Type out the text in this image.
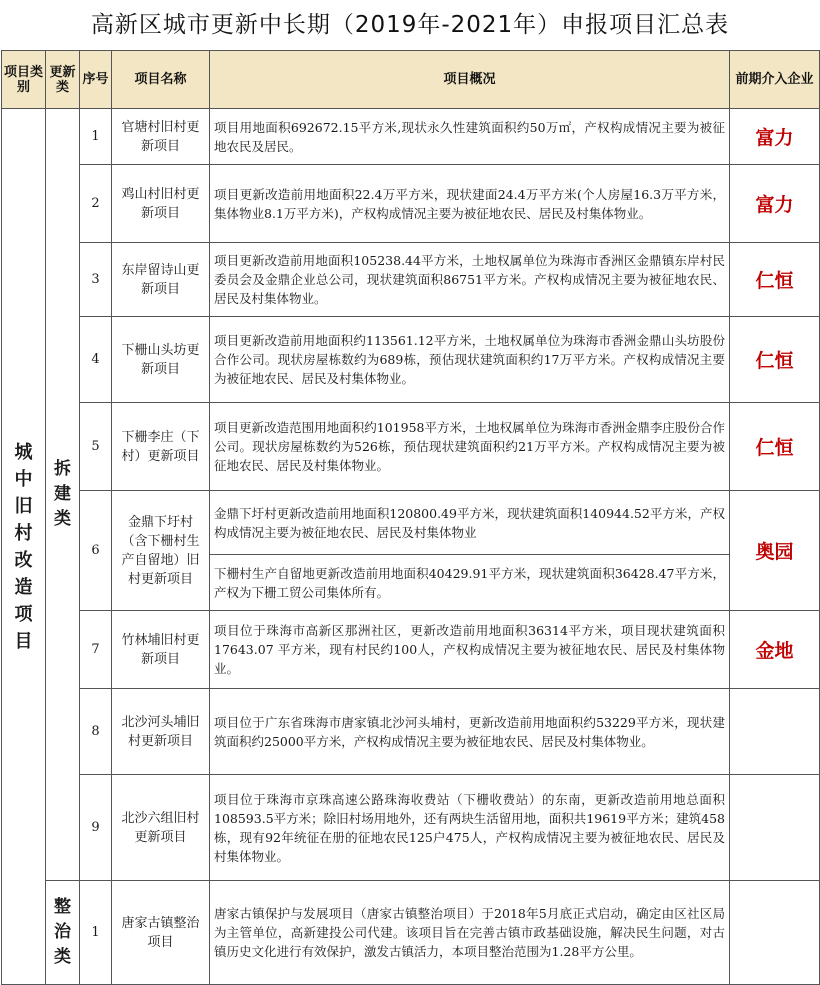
高新区城市更新中长期（2019年-2021年）申报项目汇总表
项目类别	更新类	序号	项目名称	项目概况	前期介入企业
城中旧村改造项目	拆建类	1	官塘村旧村更新项目	项目用地面积692672.15平方米,现状永久性建筑面积约50万㎡，产权构成情况主要为被征地农民及居民。	富力
		2	鸡山村旧村更新项目	项目更新改造前用地面积22.4万平方米，现状建面24.4万平方米(个人房屋16.3万平方米，集体物业8.1万平方米)，产权构成情况主要为被征地农民、居民及村集体物业。	富力
		3	东岸留诗山更新项目	项目更新改造前用地面积105238.44平方米，土地权属单位为珠海市香洲区金鼎镇东岸村民委员会及金鼎企业总公司，现状建筑面积86751平方米。产权构成情况主要为被征地农民、居民及村集体物业。	仁恒
		4	下栅山头坊更新项目	项目更新改造前用地面积约113561.12平方米，土地权属单位为珠海市香洲金鼎山头坊股份合作公司。现状房屋栋数约为689栋，预估现状建筑面积约17万平方米。产权构成情况主要为被征地农民、居民及村集体物业。	仁恒
		5	下栅李庄（下村）更新项目	项目更新改造范围用地面积约101958平方米，土地权属单位为珠海市香洲金鼎李庄股份合作公司。现状房屋栋数约为526栋，预估现状建筑面积约21万平方米。产权构成情况主要为被征地农民、居民及村集体物业。	仁恒
		6	金鼎下圩村（含下栅村生产自留地）旧村更新项目	金鼎下圩村更新改造前用地面积120800.49平方米，现状建筑面积140944.52平方米，产权构成情况主要为被征地农民、居民及村集体物业	奥园
				下栅村生产自留地更新改造前用地面积40429.91平方米，现状建筑面积36428.47平方米，产权为下栅工贸公司集体所有。	
		7	竹林埔旧村更新项目	项目位于珠海市高新区那洲社区，更新改造前用地面积36314平方米，项目现状建筑面积17643.07 平方米，现有村民约100人，产权构成情况主要为被征地农民、居民及村集体物业。	金地
		8	北沙河头埔旧村更新项目	项目位于广东省珠海市唐家镇北沙河头埔村，更新改造前用地面积约53229平方米，现状建筑面积约25000平方米，产权构成情况主要为被征地农民、居民及村集体物业。	
		9	北沙六组旧村更新项目	项目位于珠海市京珠高速公路珠海收费站（下栅收费站）的东南，更新改造前用地总面积108593.5平方米；除旧村场用地外，还有两块生活留用地，面积共19619平方米；建筑458栋，现有92年统征在册的征地农民125户475人，产权构成情况主要为被征地农民、居民及村集体物业。	
	整治类	1	唐家古镇整治项目	唐家古镇保护与发展项目（唐家古镇整治项目）于2018年5月底正式启动，确定由区社区局为主管单位，高新建投公司代建。该项目旨在完善古镇市政基础设施，解决民生问题，对古镇历史文化进行有效保护，激发古镇活力，本项目整治范围为1.28平方公里。	
